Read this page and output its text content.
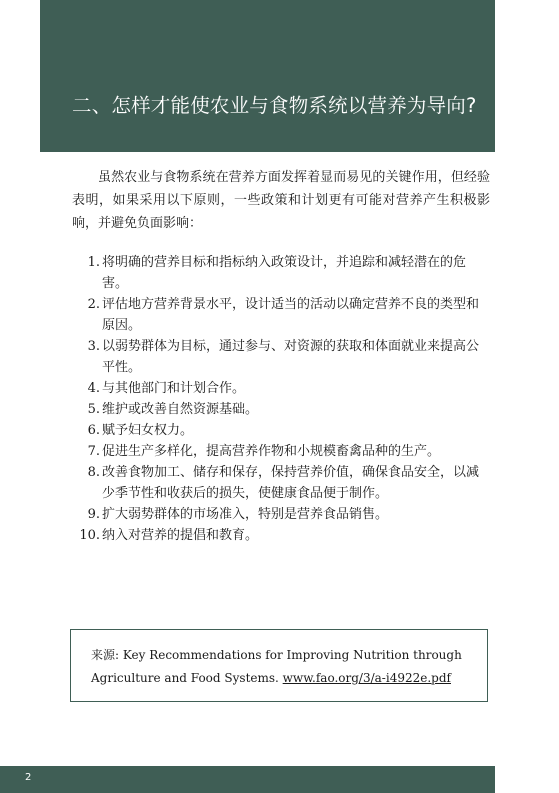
二、怎样才能使农业与食物系统以营养为导向?

虽然农业与食物系统在营养方面发挥着显而易见的关键作用，但经验表明，如果采用以下原则，一些政策和计划更有可能对营养产生积极影响，并避免负面影响：

1. 将明确的营养目标和指标纳入政策设计，并追踪和减轻潜在的危害。
2. 评估地方营养背景水平，设计适当的活动以确定营养不良的类型和原因。
3. 以弱势群体为目标，通过参与、对资源的获取和体面就业来提高公平性。
4. 与其他部门和计划合作。
5. 维护或改善自然资源基础。
6. 赋予妇女权力。
7. 促进生产多样化，提高营养作物和小规模畜禽品种的生产。
8. 改善食物加工、储存和保存，保持营养价值，确保食品安全，以减少季节性和收获后的损失，使健康食品便于制作。
9. 扩大弱势群体的市场准入，特别是营养食品销售。
10. 纳入对营养的提倡和教育。
来源: Key Recommendations for Improving Nutrition through Agriculture and Food Systems. www.fao.org/3/a-i4922e.pdf
2
